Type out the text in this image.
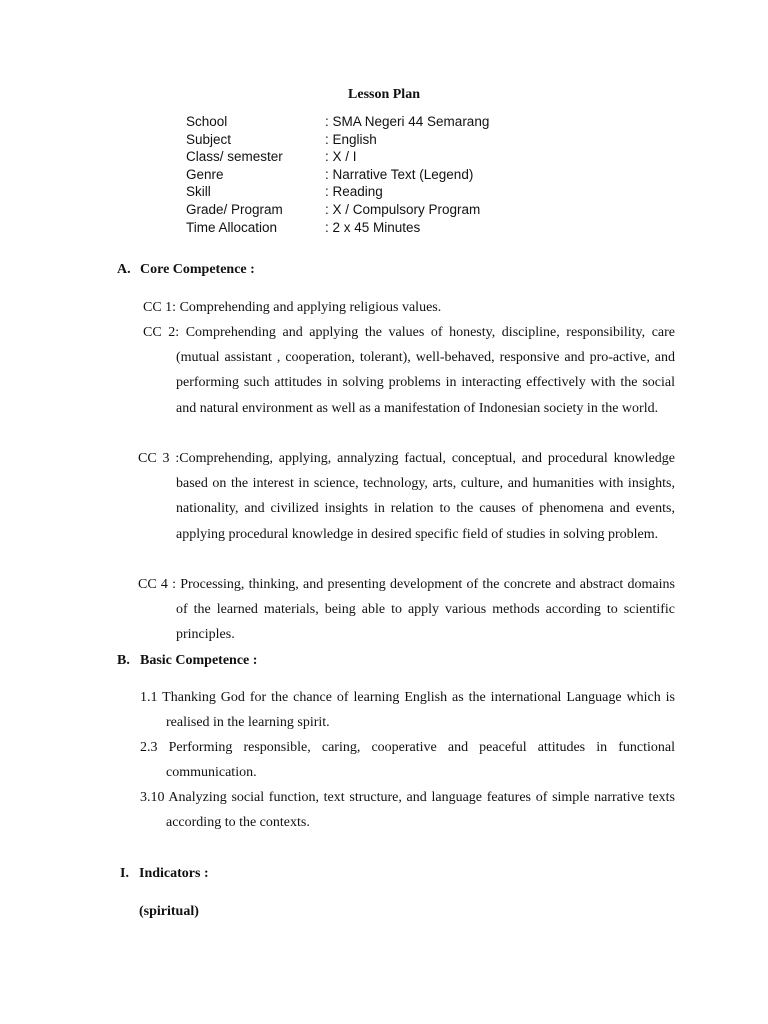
Lesson Plan
School	: SMA Negeri 44 Semarang
Subject	: English
Class/ semester	: X / I
Genre	: Narrative Text (Legend)
Skill	: Reading
Grade/ Program	: X / Compulsory Program
Time Allocation	: 2 x 45 Minutes
A. Core Competence :
CC 1: Comprehending and applying religious values.
CC 2: Comprehending and applying the values of honesty, discipline, responsibility, care (mutual assistant , cooperation, tolerant), well-behaved, responsive and pro-active, and performing such attitudes in solving problems in interacting effectively with the social and natural environment as well as a manifestation of Indonesian society in the world.
CC 3 :Comprehending, applying, annalyzing factual, conceptual, and procedural knowledge based on the interest in science, technology, arts, culture, and humanities with insights, nationality, and civilized insights in relation to the causes of phenomena and events, applying procedural knowledge in desired specific field of studies in solving problem.
CC 4 : Processing, thinking, and presenting development of the concrete and abstract domains of the learned materials, being able to apply various methods according to scientific principles.
B. Basic Competence :
1.1 Thanking God for the chance of learning English as the international Language which is realised in the learning spirit.
2.3 Performing responsible, caring, cooperative and peaceful attitudes in functional communication.
3.10 Analyzing social function, text structure, and language features of simple narrative texts according to the contexts.
I. Indicators :
(spiritual)
